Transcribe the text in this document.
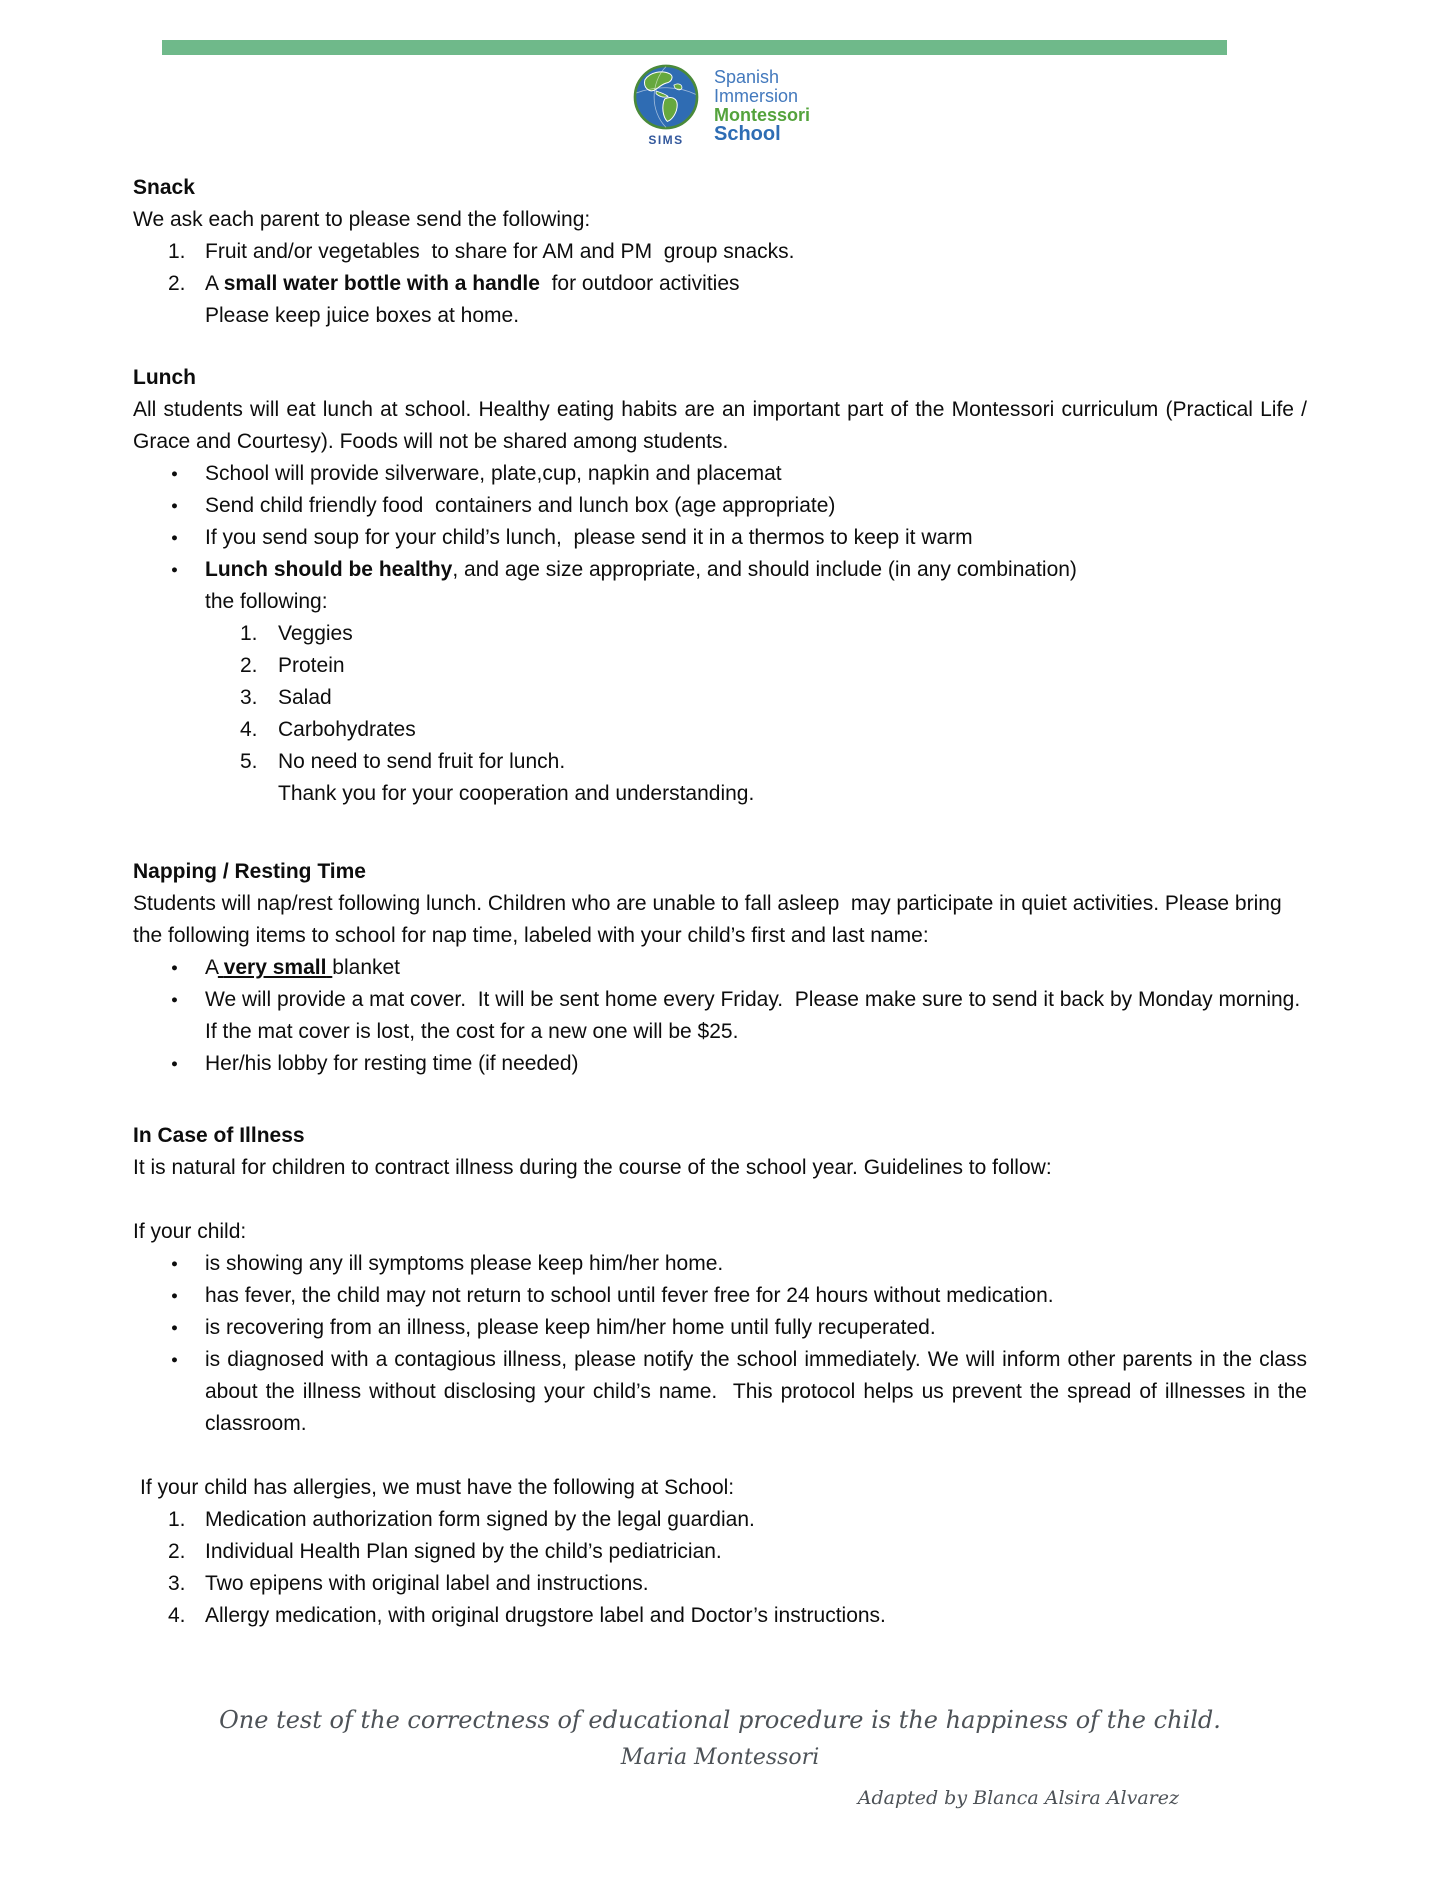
SIMS
Spanish
Immersion
Montessori
School
Snack
We ask each parent to please send the following:
1. Fruit and/or vegetables  to share for AM and PM  group snacks.
2. A small water bottle with a handle  for outdoor activities
Please keep juice boxes at home.
Lunch
All students will eat lunch at school. Healthy eating habits are an important part of the Montessori curriculum (Practical Life / Grace and Courtesy). Foods will not be shared among students.
●	School will provide silverware, plate,cup, napkin and placemat
●	Send child friendly food  containers and lunch box (age appropriate)
●	If you send soup for your child’s lunch,  please send it in a thermos to keep it warm
●	Lunch should be healthy, and age size appropriate, and should include (in any combination)
the following:
1. Veggies
2. Protein
3. Salad
4. Carbohydrates
5. No need to send fruit for lunch.
Thank you for your cooperation and understanding.
Napping / Resting Time
Students will nap/rest following lunch. Children who are unable to fall asleep  may participate in quiet activities. Please bring the following items to school for nap time, labeled with your child’s first and last name:
●	A very small blanket
●	We will provide a mat cover.  It will be sent home every Friday.  Please make sure to send it back by Monday morning. If the mat cover is lost, the cost for a new one will be $25.
●	Her/his lobby for resting time (if needed)
In Case of Illness
It is natural for children to contract illness during the course of the school year. Guidelines to follow:
If your child:
●	is showing any ill symptoms please keep him/her home.
●	has fever, the child may not return to school until fever free for 24 hours without medication.
●	is recovering from an illness, please keep him/her home until fully recuperated.
●	is diagnosed with a contagious illness, please notify the school immediately. We will inform other parents in the class about the illness without disclosing your child’s name.  This protocol helps us prevent the spread of illnesses in the classroom.
If your child has allergies, we must have the following at School:
1. Medication authorization form signed by the legal guardian.
2. Individual Health Plan signed by the child’s pediatrician.
3. Two epipens with original label and instructions.
4. Allergy medication, with original drugstore label and Doctor’s instructions.
One test of the correctness of educational procedure is the happiness of the child.
Maria Montessori
Adapted by Blanca Alsira Alvarez
